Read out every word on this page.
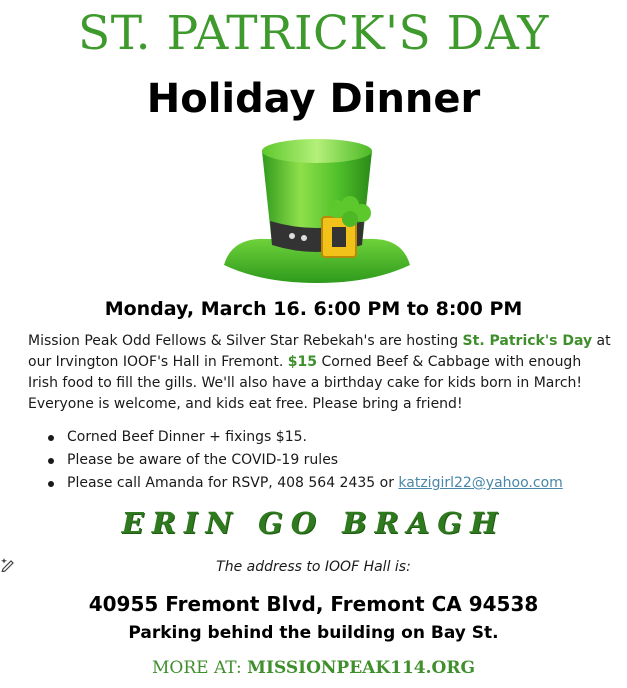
ST. PATRICK'S DAY
Holiday Dinner
Monday, March 16. 6:00 PM to 8:00 PM
Mission Peak Odd Fellows & Silver Star Rebekah's are hosting St. Patrick's Day at our Irvington IOOF's Hall in Fremont. $15 Corned Beef & Cabbage with enough Irish food to fill the gills. We'll also have a birthday cake for kids born in March! Everyone is welcome, and kids eat free. Please bring a friend!
Corned Beef Dinner + fixings $15.
Please be aware of the COVID-19 rules
Please call Amanda for RSVP, 408 564 2435 or katzigirl22@yahoo.com
ERIN GO BRAGH
The address to IOOF Hall is:
40955 Fremont Blvd, Fremont CA 94538
Parking behind the building on Bay St.
MORE AT: MISSIONPEAK114.ORG
